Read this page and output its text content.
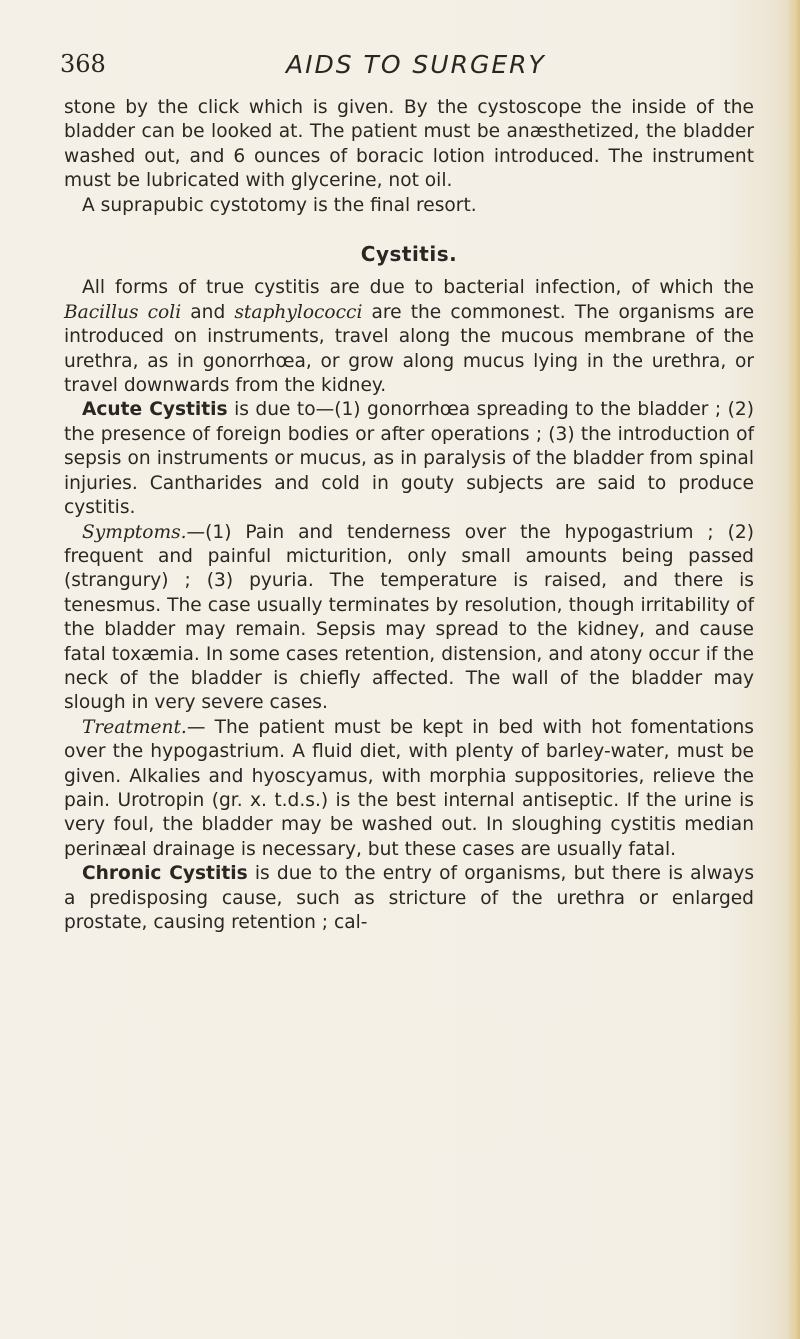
368	AIDS TO SURGERY

stone by the click which is given. By the cystoscope the inside of the bladder can be looked at. The patient must be anæsthetized, the bladder washed out, and 6 ounces of boracic lotion introduced. The instrument must be lubricated with glycerine, not oil.

A suprapubic cystotomy is the final resort.

Cystitis.

All forms of true cystitis are due to bacterial infection, of which the Bacillus coli and staphylococci are the commonest. The organisms are introduced on instruments, travel along the mucous membrane of the urethra, as in gonorrhœa, or grow along mucus lying in the urethra, or travel downwards from the kidney.

Acute Cystitis is due to—(1) gonorrhœa spreading to the bladder ; (2) the presence of foreign bodies or after operations ; (3) the introduction of sepsis on instruments or mucus, as in paralysis of the bladder from spinal injuries. Cantharides and cold in gouty subjects are said to produce cystitis.

Symptoms.—(1) Pain and tenderness over the hypogastrium ; (2) frequent and painful micturition, only small amounts being passed (strangury) ; (3) pyuria. The temperature is raised, and there is tenesmus. The case usually terminates by resolution, though irritability of the bladder may remain. Sepsis may spread to the kidney, and cause fatal toxæmia. In some cases retention, distension, and atony occur if the neck of the bladder is chiefly affected. The wall of the bladder may slough in very severe cases.

Treatment.— The patient must be kept in bed with hot fomentations over the hypogastrium. A fluid diet, with plenty of barley-water, must be given. Alkalies and hyoscyamus, with morphia suppositories, relieve the pain. Urotropin (gr. x. t.d.s.) is the best internal antiseptic. If the urine is very foul, the bladder may be washed out. In sloughing cystitis median perinæal drainage is necessary, but these cases are usually fatal.

Chronic Cystitis is due to the entry of organisms, but there is always a predisposing cause, such as stricture of the urethra or enlarged prostate, causing retention ; cal-
